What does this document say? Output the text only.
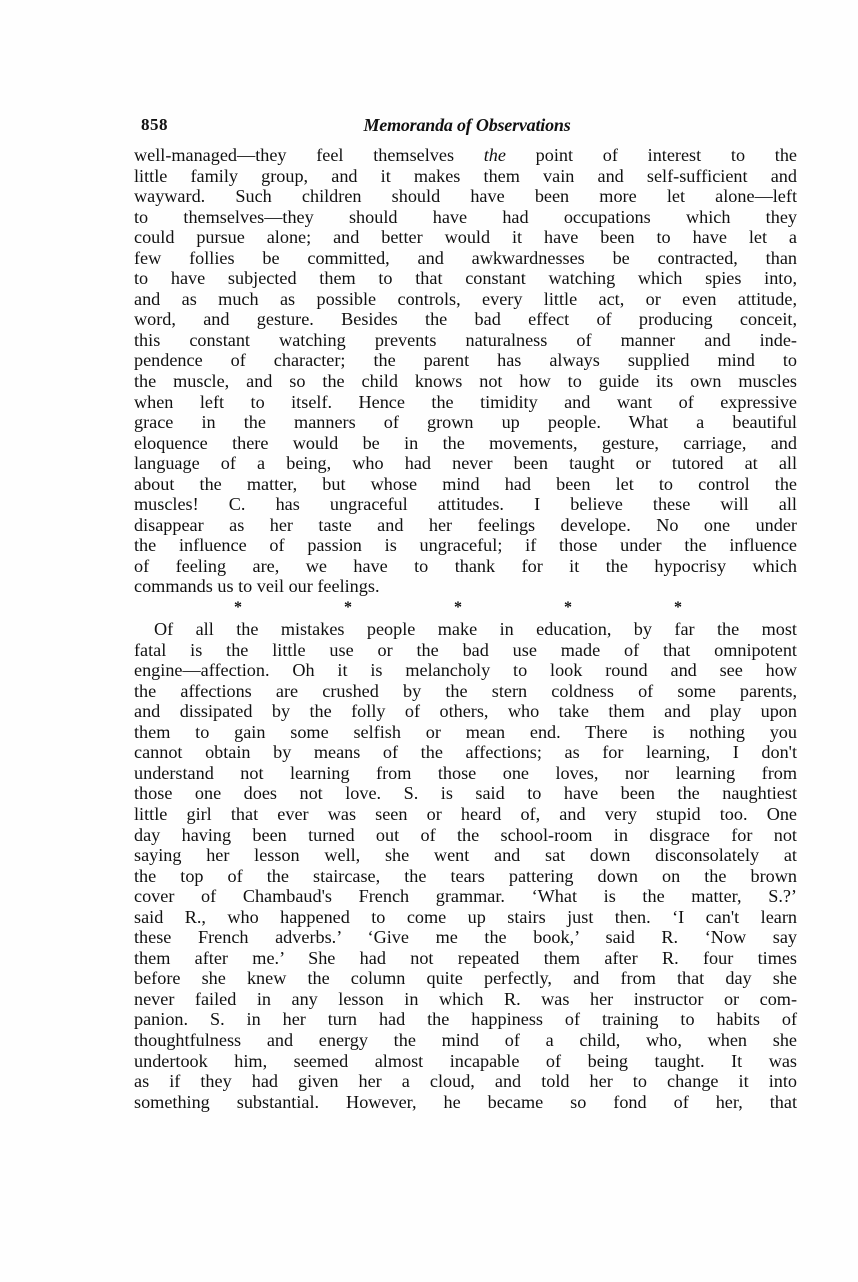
858	Memoranda of Observations
well-managed—they feel themselves the point of interest to the
little family group, and it makes them vain and self-sufficient and
wayward. Such children should have been more let alone—left
to themselves—they should have had occupations which they
could pursue alone; and better would it have been to have let a
few follies be committed, and awkwardnesses be contracted, than
to have subjected them to that constant watching which spies into,
and as much as possible controls, every little act, or even attitude,
word, and gesture. Besides the bad effect of producing conceit,
this constant watching prevents naturalness of manner and inde-
pendence of character; the parent has always supplied mind to
the muscle, and so the child knows not how to guide its own muscles
when left to itself. Hence the timidity and want of expressive
grace in the manners of grown up people. What a beautiful
eloquence there would be in the movements, gesture, carriage, and
language of a being, who had never been taught or tutored at all
about the matter, but whose mind had been let to control the
muscles! C. has ungraceful attitudes. I believe these will all
disappear as her taste and her feelings develope. No one under
the influence of passion is ungraceful; if those under the influence
of feeling are, we have to thank for it the hypocrisy which
commands us to veil our feelings.
*	*	*	*	*
Of all the mistakes people make in education, by far the most
fatal is the little use or the bad use made of that omnipotent
engine—affection. Oh it is melancholy to look round and see how
the affections are crushed by the stern coldness of some parents,
and dissipated by the folly of others, who take them and play upon
them to gain some selfish or mean end. There is nothing you
cannot obtain by means of the affections; as for learning, I don't
understand not learning from those one loves, nor learning from
those one does not love. S. is said to have been the naughtiest
little girl that ever was seen or heard of, and very stupid too. One
day having been turned out of the school-room in disgrace for not
saying her lesson well, she went and sat down disconsolately at
the top of the staircase, the tears pattering down on the brown
cover of Chambaud's French grammar. ‘What is the matter, S.?’
said R., who happened to come up stairs just then. ‘I can't learn
these French adverbs.’ ‘Give me the book,’ said R. ‘Now say
them after me.’ She had not repeated them after R. four times
before she knew the column quite perfectly, and from that day she
never failed in any lesson in which R. was her instructor or com-
panion. S. in her turn had the happiness of training to habits of
thoughtfulness and energy the mind of a child, who, when she
undertook him, seemed almost incapable of being taught. It was
as if they had given her a cloud, and told her to change it into
something substantial. However, he became so fond of her, that
